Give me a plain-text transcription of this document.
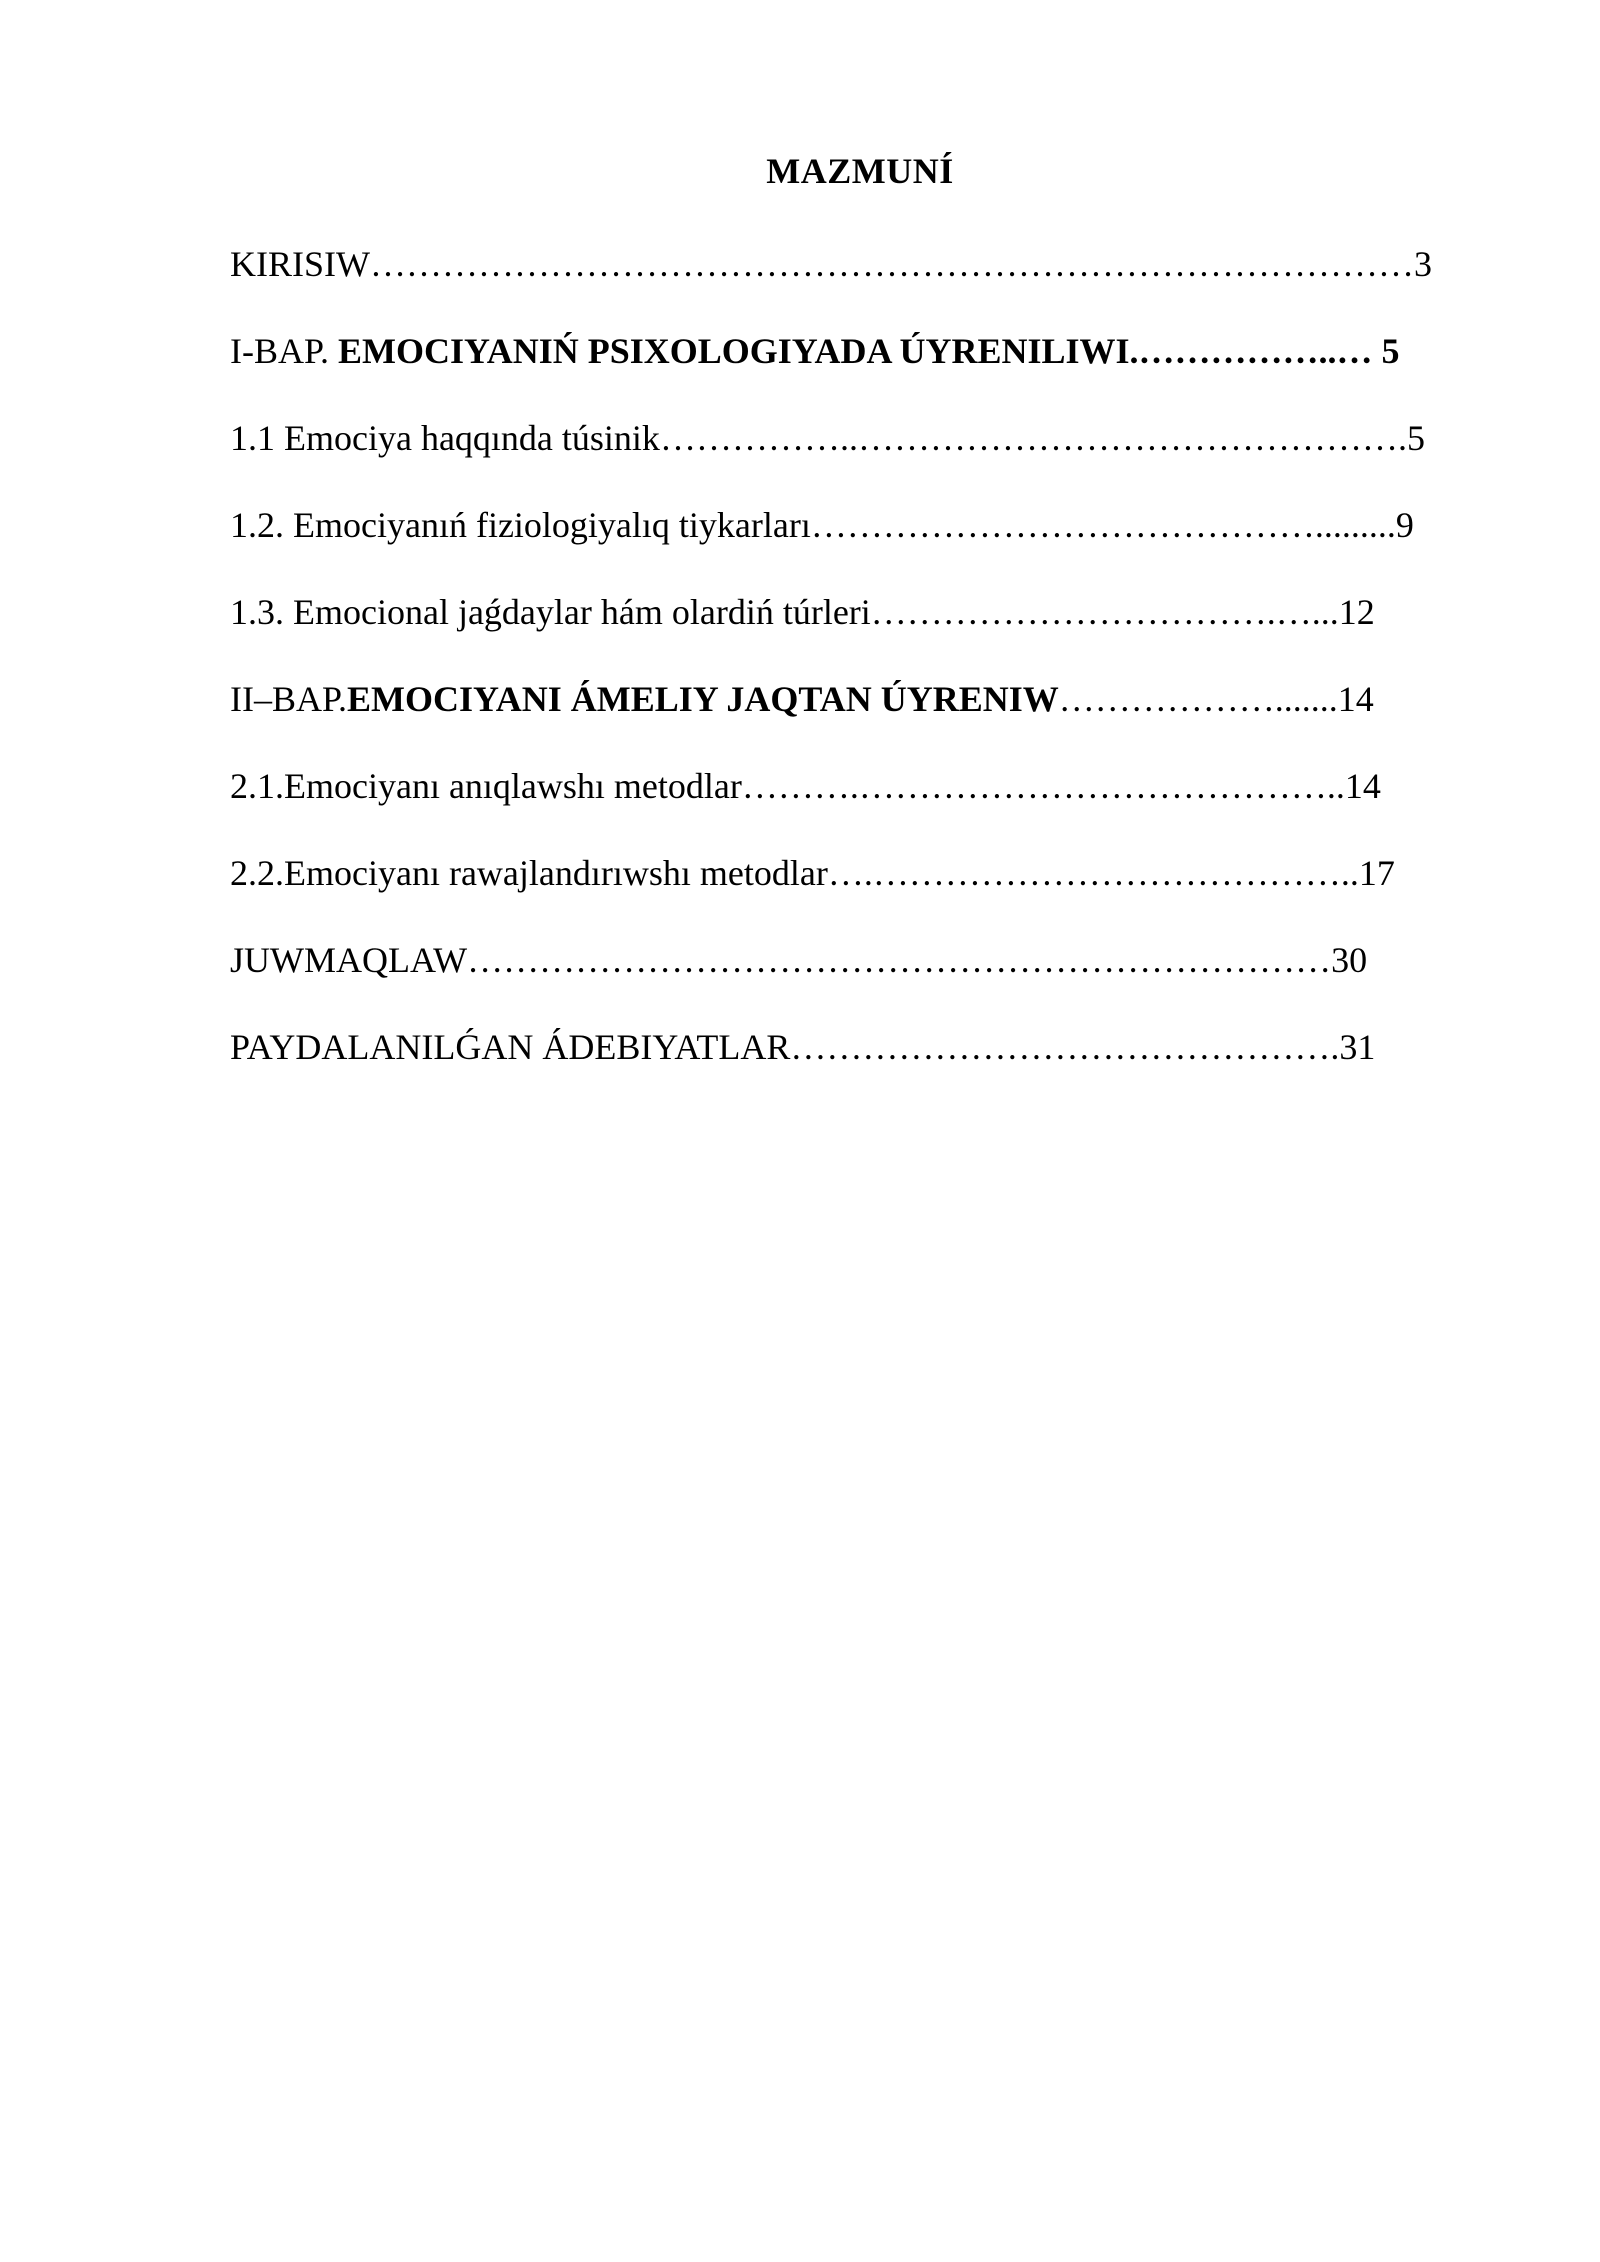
MAZMUNÍ
KIRISIW……………………………………………………………………………3
I-BAP. EMOCIYANIŃ PSIXOLOGIYADA ÚYRENILIWI.……………..… 5
1.1 Emociya haqqında túsinik……………..……………………………………….5
1.2. Emociyanıń fiziologiyalıq tiykarları…………………………………….........9
1.3. Emocional jaǵdaylar hám olardiń túrleri…………………………….…...12
II–BAP.EMOCIYANI ÁMELIY JAQTAN ÚYRENIW……………….......14
2.1.Emociyanı anıqlawshı metodlar……….…………………………………..14
2.2.Emociyanı rawajlandırıwshı metodlar….…………………………………..17
JUWMAQLAW………………………………………………………………30
PAYDALANILǴAN ÁDEBIYATLAR……………………………………….31
